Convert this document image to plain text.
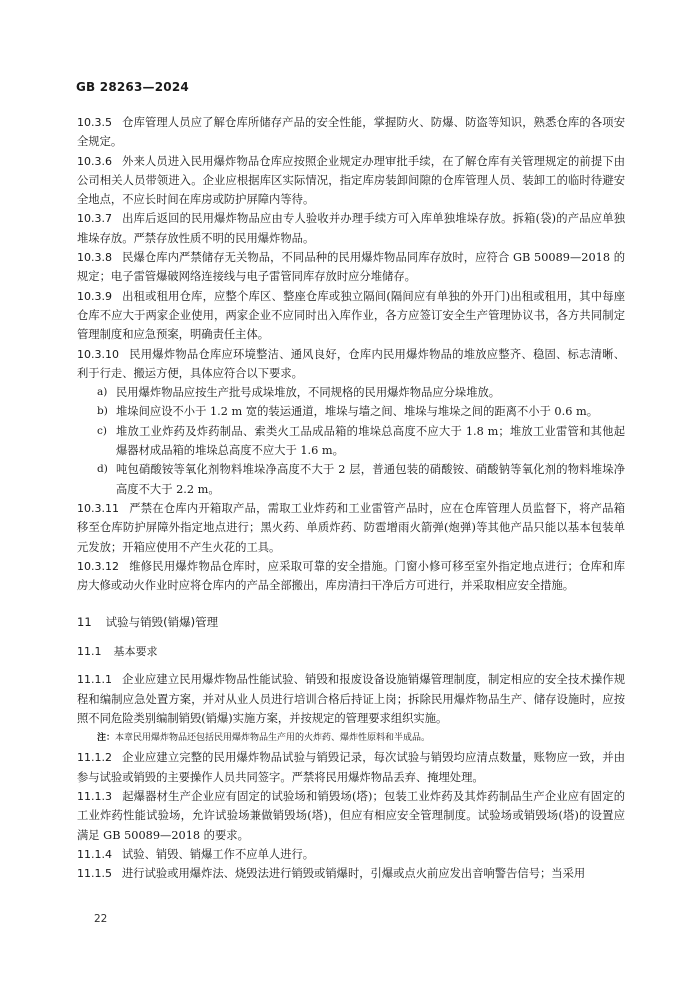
GB 28263—2024

10.3.5 仓库管理人员应了解仓库所储存产品的安全性能，掌握防火、防爆、防盗等知识，熟悉仓库的各项安全规定。

10.3.6 外来人员进入民用爆炸物品仓库应按照企业规定办理审批手续，在了解仓库有关管理规定的前提下由公司相关人员带领进入。企业应根据库区实际情况，指定库房装卸间隙的仓库管理人员、装卸工的临时待避安全地点，不应长时间在库房或防护屏障内等待。

10.3.7 出库后返回的民用爆炸物品应由专人验收并办理手续方可入库单独堆垛存放。拆箱(袋)的产品应单独堆垛存放。严禁存放性质不明的民用爆炸物品。

10.3.8 民爆仓库内严禁储存无关物品，不同品种的民用爆炸物品同库存放时，应符合 GB 50089—2018 的规定；电子雷管爆破网络连接线与电子雷管同库存放时应分堆储存。

10.3.9 出租或租用仓库，应整个库区、整座仓库或独立隔间(隔间应有单独的外开门)出租或租用，其中每座仓库不应大于两家企业使用，两家企业不应同时出入库作业，各方应签订安全生产管理协议书，各方共同制定管理制度和应急预案，明确责任主体。

10.3.10 民用爆炸物品仓库应环境整洁、通风良好，仓库内民用爆炸物品的堆放应整齐、稳固、标志清晰、利于行走、搬运方便，具体应符合以下要求。

a) 民用爆炸物品应按生产批号成垛堆放，不同规格的民用爆炸物品应分垛堆放。

b) 堆垛间应设不小于 1.2 m 宽的装运通道，堆垛与墙之间、堆垛与堆垛之间的距离不小于 0.6 m。

c) 堆放工业炸药及炸药制品、索类火工品成品箱的堆垛总高度不应大于 1.8 m；堆放工业雷管和其他起爆器材成品箱的堆垛总高度不应大于 1.6 m。

d) 吨包硝酸铵等氧化剂物料堆垛净高度不大于 2 层，普通包装的硝酸铵、硝酸钠等氧化剂的物料堆垛净高度不大于 2.2 m。

10.3.11 严禁在仓库内开箱取产品，需取工业炸药和工业雷管产品时，应在仓库管理人员监督下，将产品箱移至仓库防护屏障外指定地点进行；黑火药、单质炸药、防雹增雨火箭弹(炮弹)等其他产品只能以基本包装单元发放；开箱应使用不产生火花的工具。

10.3.12 维修民用爆炸物品仓库时，应采取可靠的安全措施。门窗小修可移至室外指定地点进行；仓库和库房大修或动火作业时应将仓库内的产品全部搬出，库房清扫干净后方可进行，并采取相应安全措施。

11 试验与销毁(销爆)管理
11.1 基本要求

11.1.1 企业应建立民用爆炸物品性能试验、销毁和报废设备设施销爆管理制度，制定相应的安全技术操作规程和编制应急处置方案，并对从业人员进行培训合格后持证上岗；拆除民用爆炸物品生产、储存设施时，应按照不同危险类别编制销毁(销爆)实施方案，并按规定的管理要求组织实施。

注：本章民用爆炸物品还包括民用爆炸物品生产用的火炸药、爆炸性原料和半成品。

11.1.2 企业应建立完整的民用爆炸物品试验与销毁记录，每次试验与销毁均应清点数量，账物应一致，并由参与试验或销毁的主要操作人员共同签字。严禁将民用爆炸物品丢弃、掩埋处理。

11.1.3 起爆器材生产企业应有固定的试验场和销毁场(塔)；包装工业炸药及其炸药制品生产企业应有固定的工业炸药性能试验场，允许试验场兼做销毁场(塔)，但应有相应安全管理制度。试验场或销毁场(塔)的设置应满足 GB 50089—2018 的要求。

11.1.4 试验、销毁、销爆工作不应单人进行。

11.1.5 进行试验或用爆炸法、烧毁法进行销毁或销爆时，引爆或点火前应发出音响警告信号；当采用

22
